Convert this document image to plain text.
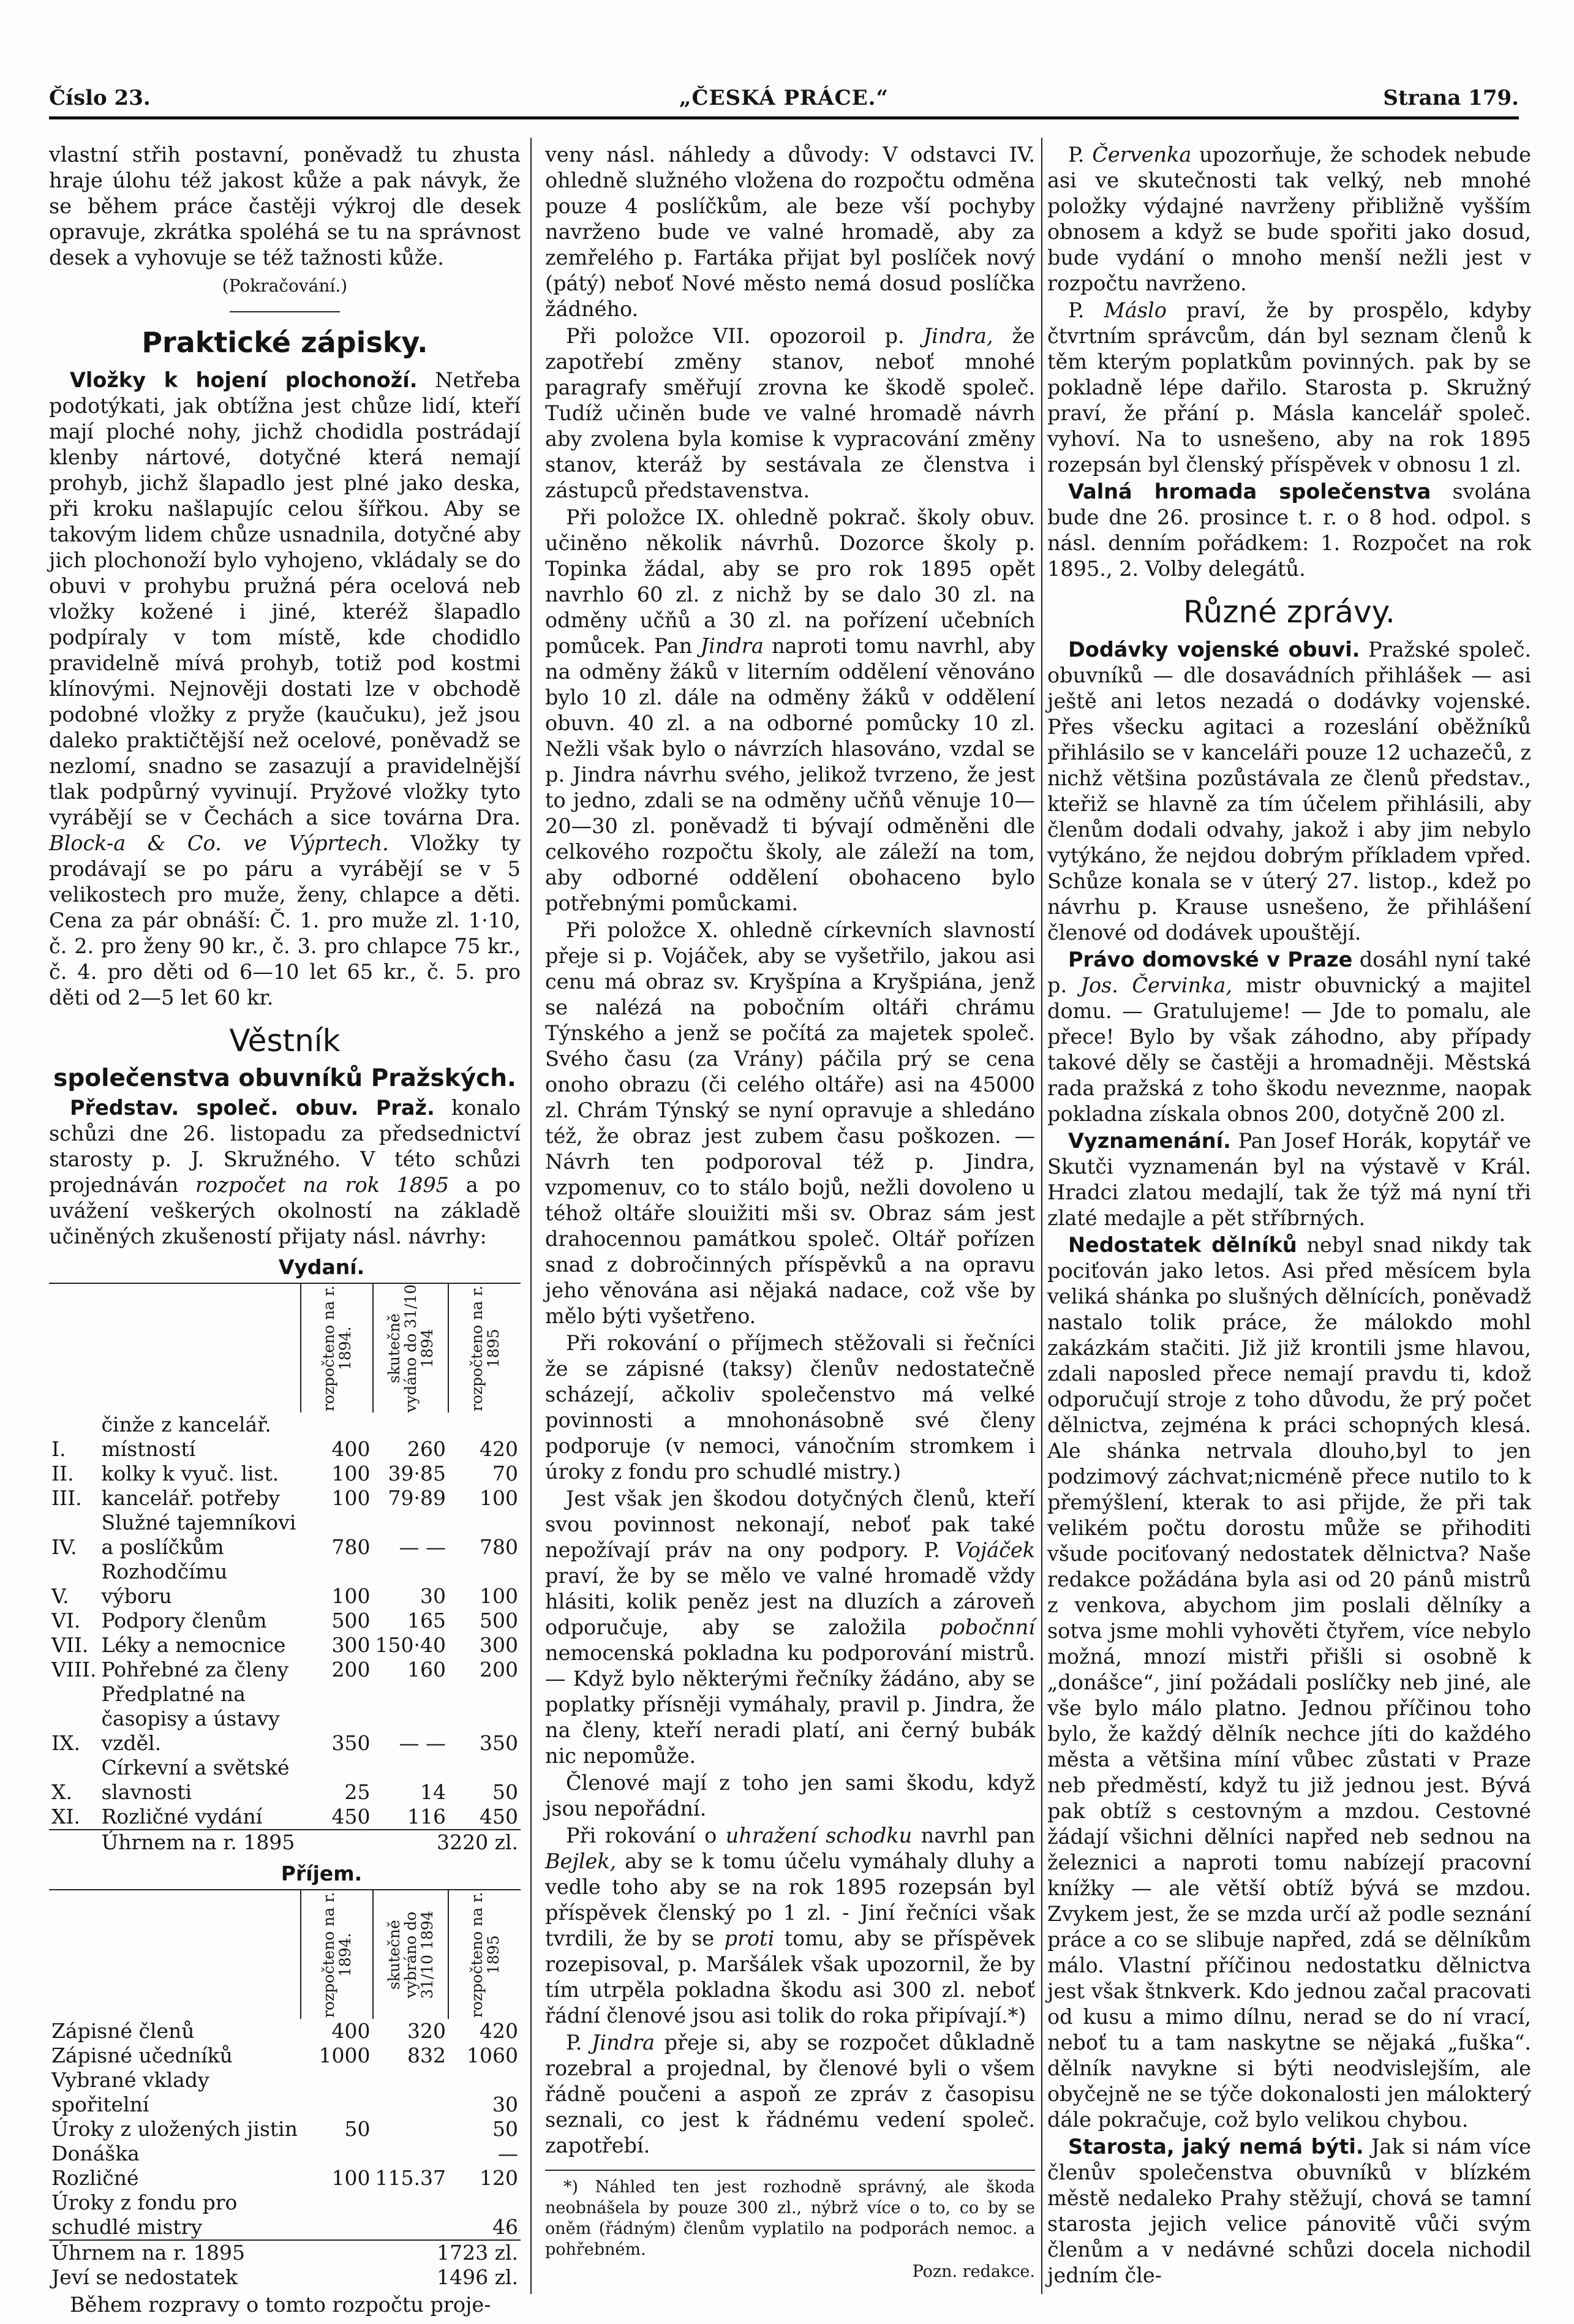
Číslo 23.	„ČESKÁ PRÁCE.“	Strana 179.

vlastní střih postavní, poněvadž tu zhusta hraje úlohu též jakost kůže a pak návyk, že se během práce častěji výkroj dle desek opravuje, zkrátka spoléhá se tu na správnost desek a vyhovuje se též tažnosti kůže.

(Pokračování.)
Praktické zápisky.

Vložky k hojení plochonoží. Netřeba podotýkati, jak obtížna jest chůze lidí, kteří mají ploché nohy, jichž chodidla postrádají klenby nártové, dotyčné která nemají prohyb, jichž šlapadlo jest plné jako deska, při kroku našlapujíc celou šířkou. Aby se takovým lidem chůze usnadnila, dotyčné aby jich plochonoží bylo vyhojeno, vkládaly se do obuvi v prohybu pružná péra ocelová neb vložky kožené i jiné, kteréž šlapadlo podpíraly v tom místě, kde chodidlo pravidelně mívá prohyb, totiž pod kostmi klínovými. Nejnověji dostati lze v obchodě podobné vložky z pryže (kaučuku), jež jsou daleko praktičtější než ocelové, poněvadž se nezlomí, snadno se zasazují a pravidelnější tlak podpůrný vyvinují. Pryžové vložky tyto vyrábějí se v Čechách a sice továrna Dra. Block-a & Co. ve Výprtech. Vložky ty prodávají se po páru a vyrábějí se v 5 velikostech pro muže, ženy, chlapce a děti. Cena za pár obnáší: Č. 1. pro muže zl. 1·10, č. 2. pro ženy 90 kr., č. 3. pro chlapce 75 kr., č. 4. pro děti od 6—10 let 65 kr., č. 5. pro děti od 2—5 let 60 kr.

Věstník
společenstva obuvníků Pražských.

Představ. společ. obuv. Praž. konalo schůzi dne 26. listopadu za předsednictví starosty p. J. Skružného. V této schůzi projednáván rozpočet na rok 1895 a po uvážení veškerých okolností na základě učiněných zkušeností přijaty násl. návrhy:

Vydaní.

		rozpočteno na r. 1894.	skutečně vydáno do 31/10 1894	rozpočteno na r. 1895

I.	činže z kancelář. místností	400	260	420
II.	kolky k vyuč. list.	100	39·85	70
III.	kancelář. potřeby	100	79·89	100
IV.	Služné tajemníkovi a poslíčkům	780	— —	780
V.	Rozhodčímu výboru	100	30	100
VI.	Podpory členům	500	165	500
VII.	Léky a nemocnice	300	150·40	300
VIII.	Pohřebné za členy	200	160	200
IX.	Předplatné na časopisy a ústavy vzděl.	350	— —	350
X.	Církevní a světské slavnosti	25	14	50
XI.	Rozličné vydání	450	116	450
	Úhrnem na r. 1895		3220 zl.	
Příjem.

	rozpočteno na r. 1894.	skutečně vybráno do 31/10 1894	rozpočteno na r. 1895

Zápisné členů	400	320	420
Zápisné učedníků	1000	832	1060
Vybrané vklady spořitelní			30
Úroky z uložených jistin	50		50
Donáška			—
Rozličné	100	115.37	120
Úroky z fondu pro schudlé mistry			46
Úhrnem na r. 1895		1723 zl.	
Jeví se nedostatek		1496 zl.	

Během rozpravy o tomto rozpočtu proje-

veny násl. náhledy a důvody: V odstavci IV. ohledně služného vložena do rozpočtu odměna pouze 4 poslíčkům, ale beze vší pochyby navrženo bude ve valné hromadě, aby za zemřelého p. Fartáka přijat byl poslíček nový (pátý) neboť Nové město nemá dosud poslíčka žádného.

Při položce VII. opozoroil p. Jindra, že zapotřebí změny stanov, neboť mnohé paragrafy směřují zrovna ke škodě společ. Tudíž učiněn bude ve valné hromadě návrh aby zvolena byla komise k vypracování změny stanov, kteráž by sestávala ze členstva i zástupců představenstva.

Při položce IX. ohledně pokrač. školy obuv. učiněno několik návrhů. Dozorce školy p. Topinka žádal, aby se pro rok 1895 opět navrhlo 60 zl. z nichž by se dalo 30 zl. na odměny učňů a 30 zl. na pořízení učebních pomůcek. Pan Jindra naproti tomu navrhl, aby na odměny žáků v literním oddělení věnováno bylo 10 zl. dále na odměny žáků v oddělení obuvn. 40 zl. a na odborné pomůcky 10 zl. Nežli však bylo o návrzích hlasováno, vzdal se p. Jindra návrhu svého, jelikož tvrzeno, že jest to jedno, zdali se na odměny učňů věnuje 10—20—30 zl. poněvadž ti bývají odměněni dle celkového rozpočtu školy, ale záleží na tom, aby odborné oddělení obohaceno bylo potřebnými pomůckami.

Při položce X. ohledně církevních slavností přeje si p. Vojáček, aby se vyšetřilo, jakou asi cenu má obraz sv. Kryšpína a Kryšpiána, jenž se nalézá na pobočním oltáři chrámu Týnského a jenž se počítá za majetek společ. Svého času (za Vrány) páčila prý se cena onoho obrazu (či celého oltáře) asi na 45000 zl. Chrám Týnský se nyní opravuje a shledáno též, že obraz jest zubem času poškozen. — Návrh ten podporoval též p. Jindra, vzpomenuv, co to stálo bojů, nežli dovoleno u téhož oltáře slouižiti mši sv. Obraz sám jest drahocennou památkou společ. Oltář pořízen snad z dobročinných příspěvků a na opravu jeho věnována asi nějaká nadace, což vše by mělo býti vyšetřeno.

Při rokování o příjmech stěžovali si řečníci že se zápisné (taksy) členův nedostatečně scházejí, ačkoliv společenstvo má velké povinnosti a mnohonásobně své členy podporuje (v nemoci, vánočním stromkem i úroky z fondu pro schudlé mistry.)

Jest však jen škodou dotyčných členů, kteří svou povinnost nekonají, neboť pak také nepožívají práv na ony podpory. P. Vojáček praví, že by se mělo ve valné hromadě vždy hlásiti, kolik peněz jest na dluzích a zároveň odporučuje, aby se založila pobočnní nemocenská pokladna ku podporování mistrů. — Když bylo některými řečníky žádáno, aby se poplatky přísněji vymáhaly, pravil p. Jindra, že na členy, kteří neradi platí, ani černý bubák nic nepomůže.

Členové mají z toho jen sami škodu, když jsou nepořádní.

Při rokování o uhražení schodku navrhl pan Bejlek, aby se k tomu účelu vymáhaly dluhy a vedle toho aby se na rok 1895 rozepsán byl příspěvek členský po 1 zl. - Jiní řečníci však tvrdili, že by se proti tomu, aby se příspěvek rozepisoval, p. Maršálek však upozornil, že by tím utrpěla pokladna škodu asi 300 zl. neboť řádní členové jsou asi tolik do roka připívají.*)

P. Jindra přeje si, aby se rozpočet důkladně rozebral a projednal, by členové byli o všem řádně poučeni a aspoň ze zpráv z časopisu seznali, co jest k řádnému vedení společ. zapotřebí.

*) Náhled ten jest rozhodně správný, ale škoda neobnášela by pouze 300 zl., nýbrž více o to, co by se oněm (řádným) členům vyplatilo na podporách nemoc. a pohřebném.

Pozn. redakce.

P. Červenka upozorňuje, že schodek nebude asi ve skutečnosti tak velký, neb mnohé položky výdajné navrženy přibližně vyšším obnosem a když se bude spořiti jako dosud, bude vydání o mnoho menší nežli jest v rozpočtu navrženo.

P. Máslo praví, že by prospělo, kdyby čtvrtním správcům, dán byl seznam členů k těm kterým poplatkům povinných. pak by se pokladně lépe dařilo. Starosta p. Skružný praví, že přání p. Másla kancelář společ. vyhoví. Na to usnešeno, aby na rok 1895 rozepsán byl členský příspěvek v obnosu 1 zl.

Valná hromada společenstva svolána bude dne 26. prosince t. r. o 8 hod. odpol. s násl. denním pořádkem: 1. Rozpočet na rok 1895., 2. Volby delegátů.

Různé zprávy.

Dodávky vojenské obuvi. Pražské společ. obuvníků — dle dosavádních přihlášek — asi ještě ani letos nezadá o dodávky vojenské. Přes všecku agitaci a rozeslání oběžníků přihlásilo se v kanceláři pouze 12 uchazečů, z nichž většina pozůstávala ze členů představ., kteřiž se hlavně za tím účelem přihlásili, aby členům dodali odvahy, jakož i aby jim nebylo vytýkáno, že nejdou dobrým příkladem vpřed. Schůze konala se v úterý 27. listop., kdež po návrhu p. Krause usnešeno, že přihlášení členové od dodávek upouštějí.

Právo domovské v Praze dosáhl nyní také p. Jos. Červinka, mistr obuvnický a majitel domu. — Gratulujeme! — Jde to pomalu, ale přece! Bylo by však záhodno, aby případy takové děly se častěji a hromadněji. Městská rada pražská z toho škodu neveznme, naopak pokladna získala obnos 200, dotyčně 200 zl.

Vyznamenání. Pan Josef Horák, kopytář ve Skutči vyznamenán byl na výstavě v Král. Hradci zlatou medajlí, tak že týž má nyní tři zlaté medajle a pět stříbrných.

Nedostatek dělníků nebyl snad nikdy tak pociťován jako letos. Asi před měsícem byla veliká shánka po slušných dělnících, poněvadž nastalo tolik práce, že málokdo mohl zakázkám stačiti. Již již krontili jsme hlavou, zdali naposled přece nemají pravdu ti, kdož odporučují stroje z toho důvodu, že prý počet dělnictva, zejména k práci schopných klesá. Ale shánka netrvala dlouho,byl to jen podzimový záchvat;nicméně přece nutilo to k přemýšlení, kterak to asi přijde, že při tak velikém počtu dorostu může se přihoditi všude pociťovaný nedostatek dělnictva? Naše redakce požádána byla asi od 20 pánů mistrů z venkova, abychom jim poslali dělníky a sotva jsme mohli vyhověti čtyřem, více nebylo možná, mnozí mistři přišli si osobně k „donášce“, jiní požádali poslíčky neb jiné, ale vše bylo málo platno. Jednou příčinou toho bylo, že každý dělník nechce jíti do každého města a většina míní vůbec zůstati v Praze neb předměstí, když tu již jednou jest. Bývá pak obtíž s cestovným a mzdou. Cestovné žádají všichni dělníci napřed neb sednou na železnici a naproti tomu nabízejí pracovní knížky — ale větší obtíž bývá se mzdou. Zvykem jest, že se mzda určí až podle seznání práce a co se slibuje napřed, zdá se dělníkům málo. Vlastní příčinou nedostatku dělnictva jest však štnkverk. Kdo jednou začal pracovati od kusu a mimo dílnu, nerad se do ní vrací, neboť tu a tam naskytne se nějaká „fuška“. dělník navykne si býti neodvislejším, ale obyčejně ne se týče dokonalosti jen málokterý dále pokračuje, což bylo velikou chybou.

Starosta, jaký nemá býti. Jak si nám více členův společenstva obuvníků v blízkém městě nedaleko Prahy stěžují, chová se tamní starosta jejich velice pánovitě vůči svým členům a v nedávné schůzi docela nichodil jedním čle-
